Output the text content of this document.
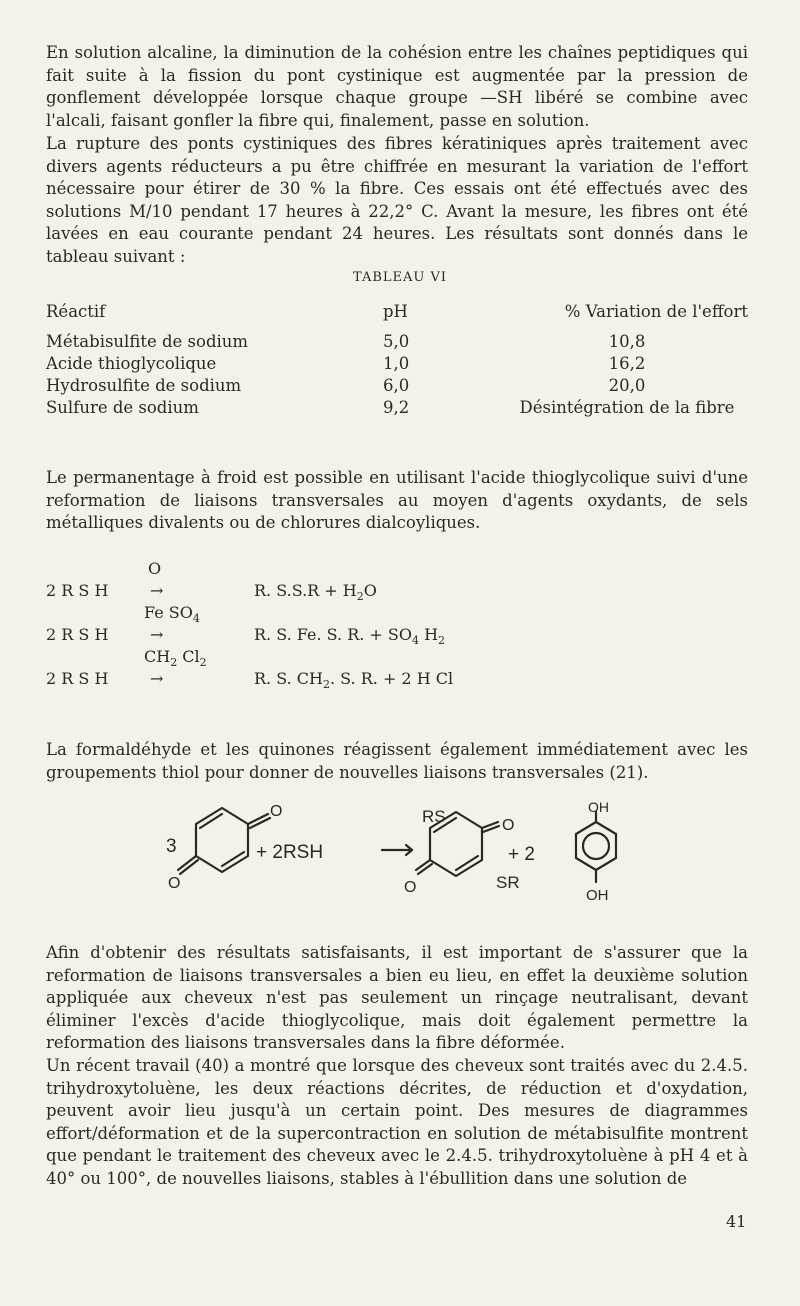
En solution alcaline, la diminution de la cohésion entre les chaînes peptidiques qui fait suite à la fission du pont cystinique est augmentée par la pression de gonflement développée lorsque chaque groupe —SH libéré se combine avec l'alcali, faisant gonfler la fibre qui, finalement, passe en solution.

La rupture des ponts cystiniques des fibres kératiniques après traitement avec divers agents réducteurs a pu être chiffrée en mesurant la variation de l'effort nécessaire pour étirer de 30 % la fibre. Ces essais ont été effectués avec des solutions M/10 pendant 17 heures à 22,2° C. Avant la mesure, les fibres ont été lavées en eau courante pendant 24 heures. Les résultats sont donnés dans le tableau suivant :

TABLEAU VI
Réactif	pH	% Variation de l'effort
Métabisulfite de sodium	5,0	10,8
Acide thioglycolique	1,0	16,2
Hydrosulfite de sodium	6,0	20,0
Sulfure de sodium	9,2	Désintégration de la fibre

Le permanentage à froid est possible en utilisant l'acide thioglycolique suivi d'une reformation de liaisons transversales au moyen d'agents oxydants, de sels métalliques divalents ou de chlorures dialcoyliques.

O
2 R S H	→	R. $S.S.R + H_2O$
Fe $SO_4$
2 R S H	→	R. S. Fe. S. R. + $SO_4$ $H_2$
$CH_2$ $Cl_2$
2 R S H	→	R. S. $CH_2$. S. R. + 2 H Cl

La formaldéhyde et les quinones réagissent également immédiatement avec les groupements thiol pour donner de nouvelles liaisons transversales (21).

3
O
O
+ 2RSH
RS	O
O	SR
+ 2
OH
OH

Afin d'obtenir des résultats satisfaisants, il est important de s'assurer que la reformation de liaisons transversales a bien eu lieu, en effet la deuxième solution appliquée aux cheveux n'est pas seulement un rinçage neutralisant, devant éliminer l'excès d'acide thioglycolique, mais doit également permettre la reformation des liaisons transversales dans la fibre déformée.

Un récent travail (40) a montré que lorsque des cheveux sont traités avec du 2.4.5. trihydroxytoluène, les deux réactions décrites, de réduction et d'oxydation, peuvent avoir lieu jusqu'à un certain point. Des mesures de diagrammes effort/déformation et de la supercontraction en solution de métabisulfite montrent que pendant le traitement des cheveux avec le 2.4.5. trihydroxytoluène à pH 4 et à 40° ou 100°, de nouvelles liaisons, stables à l'ébullition dans une solution de

41
